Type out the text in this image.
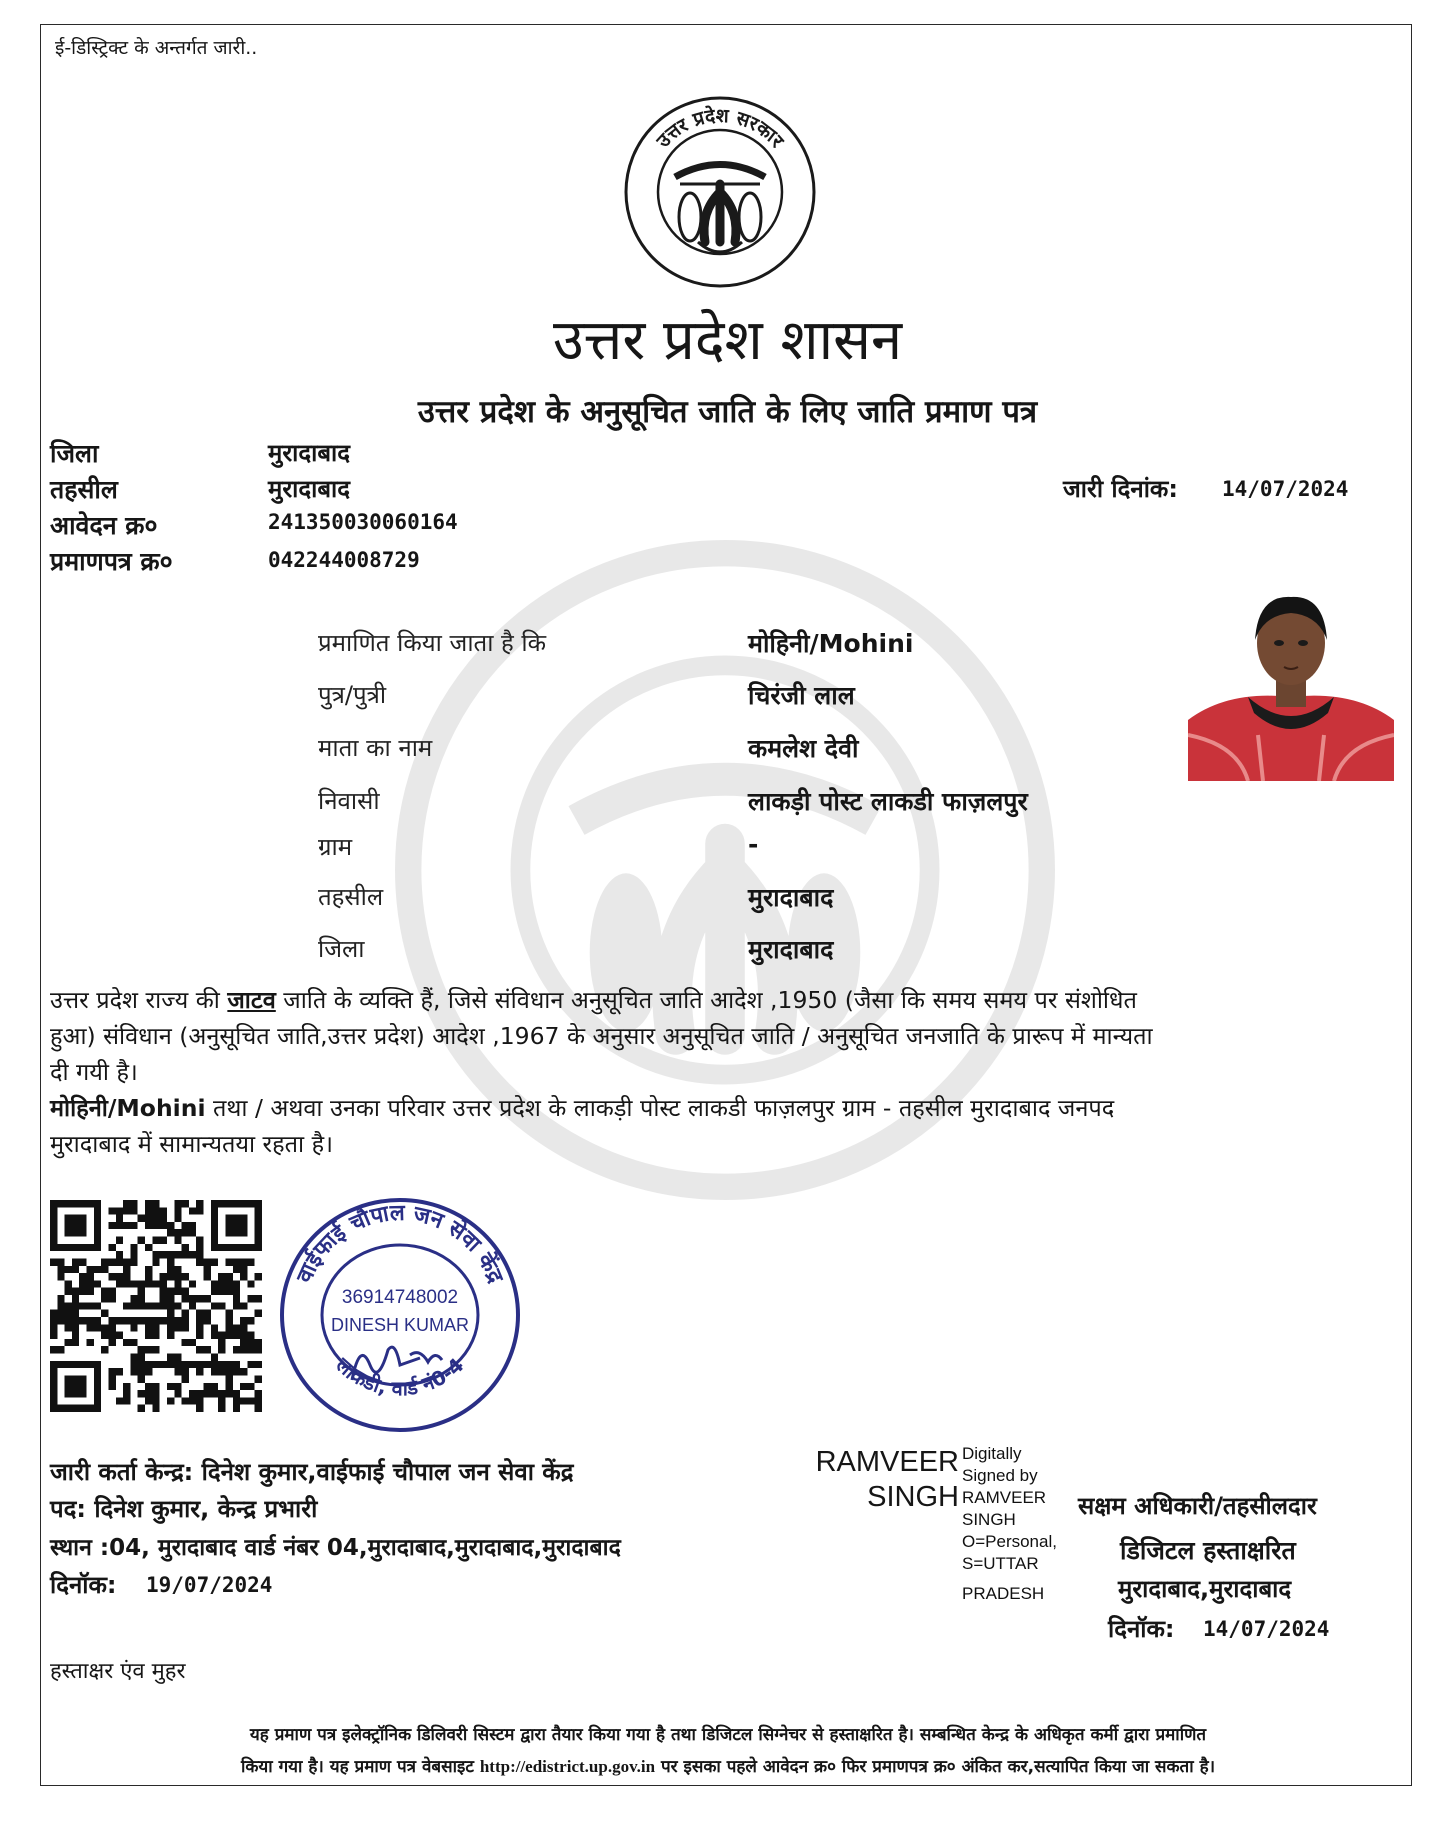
ई-डिस्ट्रिक्ट के अन्तर्गत जारी..
उत्तर प्रदेश सरकार
उत्तर प्रदेश शासन
उत्तर प्रदेश के अनुसूचित जाति के लिए जाति प्रमाण पत्र
जिला	मुरादाबाद
तहसील	मुरादाबाद
आवेदन क्र०	241350030060164
प्रमाणपत्र क्र०	042244008729
जारी दिनांक: 14/07/2024
प्रमाणित किया जाता है कि	मोहिनी/Mohini
पुत्र/पुत्री	चिरंजी लाल
माता का नाम	कमलेश देवी
निवासी	लाकड़ी पोस्ट लाकडी फाज़लपुर
ग्राम	-
तहसील	मुरादाबाद
जिला	मुरादाबाद
उत्तर प्रदेश राज्य की जाटव जाति के व्यक्ति हैं, जिसे संविधान अनुसूचित जाति आदेश ,1950 (जैसा कि समय समय पर संशोधित
हुआ) संविधान (अनुसूचित जाति,उत्तर प्रदेश) आदेश ,1967 के अनुसार अनुसूचित जाति / अनुसूचित जनजाति के प्रारूप में मान्यता
दी गयी है।
मोहिनी/Mohini तथा / अथवा उनका परिवार उत्तर प्रदेश के लाकड़ी पोस्ट लाकडी फाज़लपुर ग्राम - तहसील मुरादाबाद जनपद
मुरादाबाद में सामान्यतया रहता है।
वाईफाई चौपाल जन सेवा केंद्र
लाकडी, वार्ड नं0-4
36914748002
DINESH KUMAR
जारी कर्ता केन्द्र: दिनेश कुमार,वाईफाई चौपाल जन सेवा केंद्र
पद: दिनेश कुमार, केन्द्र प्रभारी
स्थान :04, मुरादाबाद वार्ड नंबर 04,मुरादाबाद,मुरादाबाद,मुरादाबाद
दिनॉक: 19/07/2024
हस्ताक्षर एंव मुहर
RAMVEER
SINGH
Digitally
Signed by
RAMVEER
SINGH
O=Personal,
S=UTTAR
PRADESH
सक्षम अधिकारी/तहसीलदार
डिजिटल हस्ताक्षरित
मुरादाबाद,मुरादाबाद
दिनॉक: 14/07/2024
यह प्रमाण पत्र इलेक्ट्रॉनिक डिलिवरी सिस्टम द्वारा तैयार किया गया है तथा डिजिटल सिग्नेचर से हस्ताक्षरित है। सम्बन्धित केन्द्र के अधिकृत कर्मी द्वारा प्रमाणित
किया गया है। यह प्रमाण पत्र वेबसाइट http://edistrict.up.gov.in पर इसका पहले आवेदन क्र० फिर प्रमाणपत्र क्र० अंकित कर,सत्यापित किया जा सकता है।
